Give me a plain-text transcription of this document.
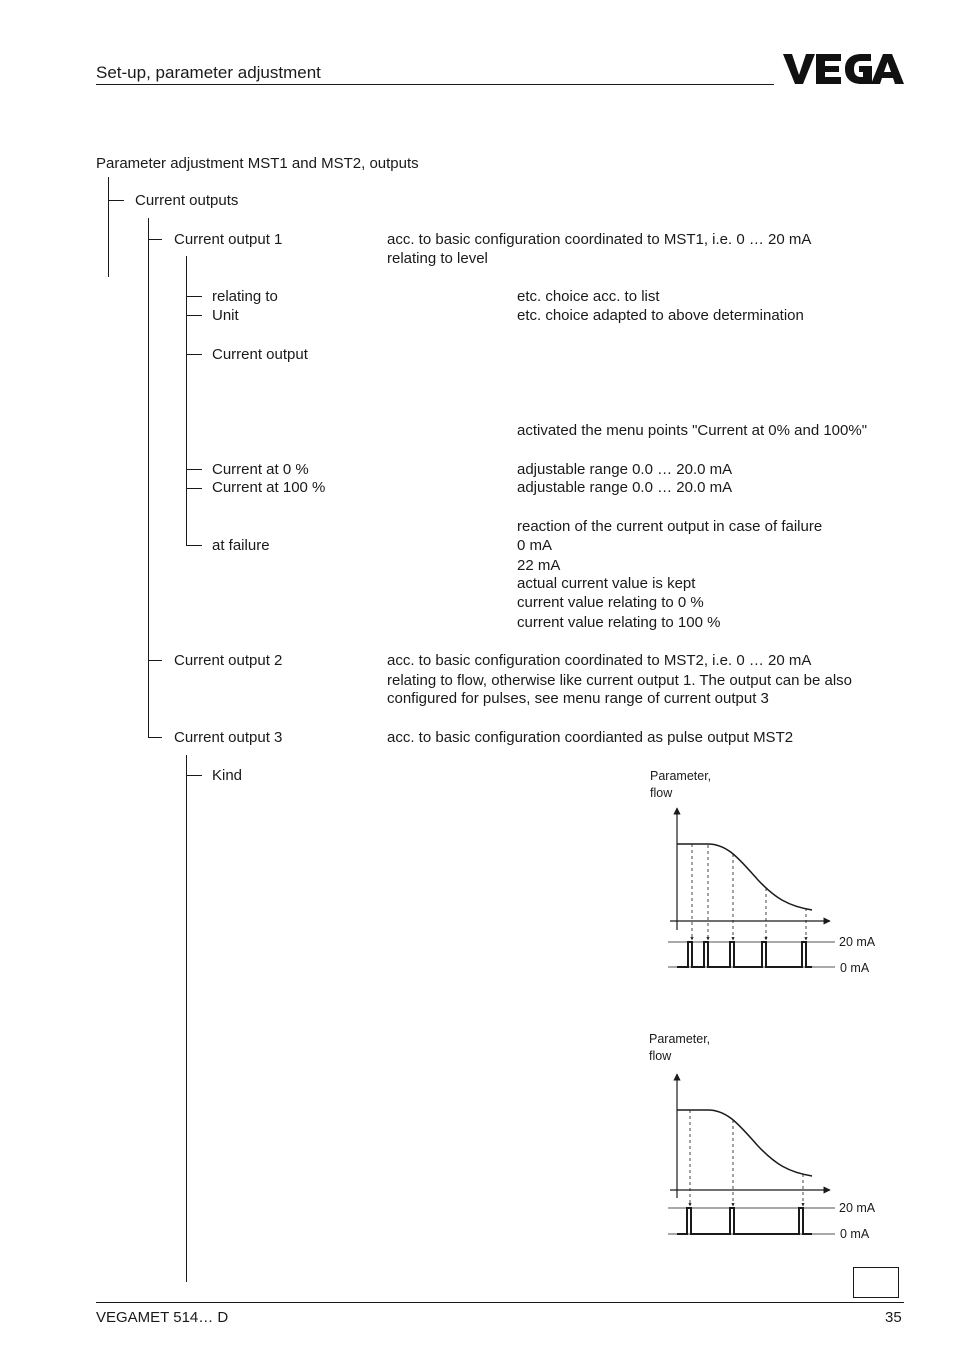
Set-up, parameter adjustment
Parameter adjustment MST1 and MST2, outputs
Current outputs
Current output 1	acc. to basic configuration coordinated to MST1, i.e. 0 … 20 mA
relating to level
relating to	etc. choice acc. to list
Unit	etc. choice adapted to above determination
Current output
activated the menu points "Current at 0% and 100%"
Current at 0 %	adjustable range 0.0 … 20.0 mA
Current at 100 %	adjustable range 0.0 … 20.0 mA
reaction of the current output in case of failure
at failure	0 mA
22 mA
actual current value is kept
current value relating to 0 %
current value relating to 100 %
Current output 2	acc. to basic configuration coordinated to MST2, i.e. 0 … 20 mA
relating to flow, otherwise like current output 1. The output can be also
configured for pulses, see menu range of current output 3
Current output 3	acc. to basic configuration coordianted as pulse output MST2
Kind	Parameter,
flow
20 mA
0 mA
Parameter,
flow
20 mA
0 mA
VEGAMET 514… D	35
